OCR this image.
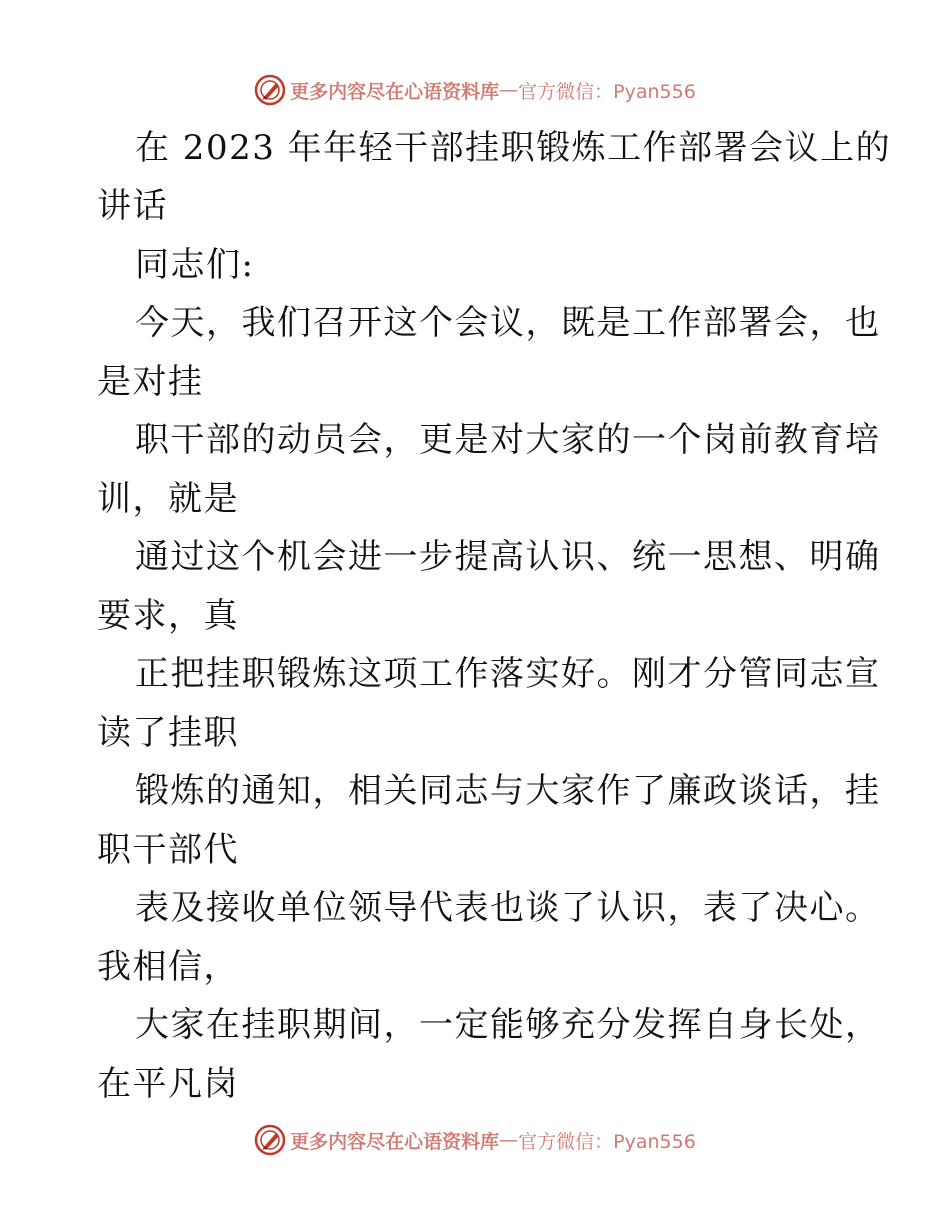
更多内容尽在心语资料库 — 官方微信：Pyan556
在 2023 年年轻干部挂职锻炼工作部署会议上的
讲话
同志们:
今天，我们召开这个会议，既是工作部署会，也
是对挂
职干部的动员会，更是对大家的一个岗前教育培
训，就是
通过这个机会进一步提高认识、统一思想、明确
要求，真
正把挂职锻炼这项工作落实好。刚才分管同志宣
读了挂职
锻炼的通知，相关同志与大家作了廉政谈话，挂
职干部代
表及接收单位领导代表也谈了认识，表了决心。
我相信，
大家在挂职期间，一定能够充分发挥自身长处，
在平凡岗
更多内容尽在心语资料库 — 官方微信：Pyan556
